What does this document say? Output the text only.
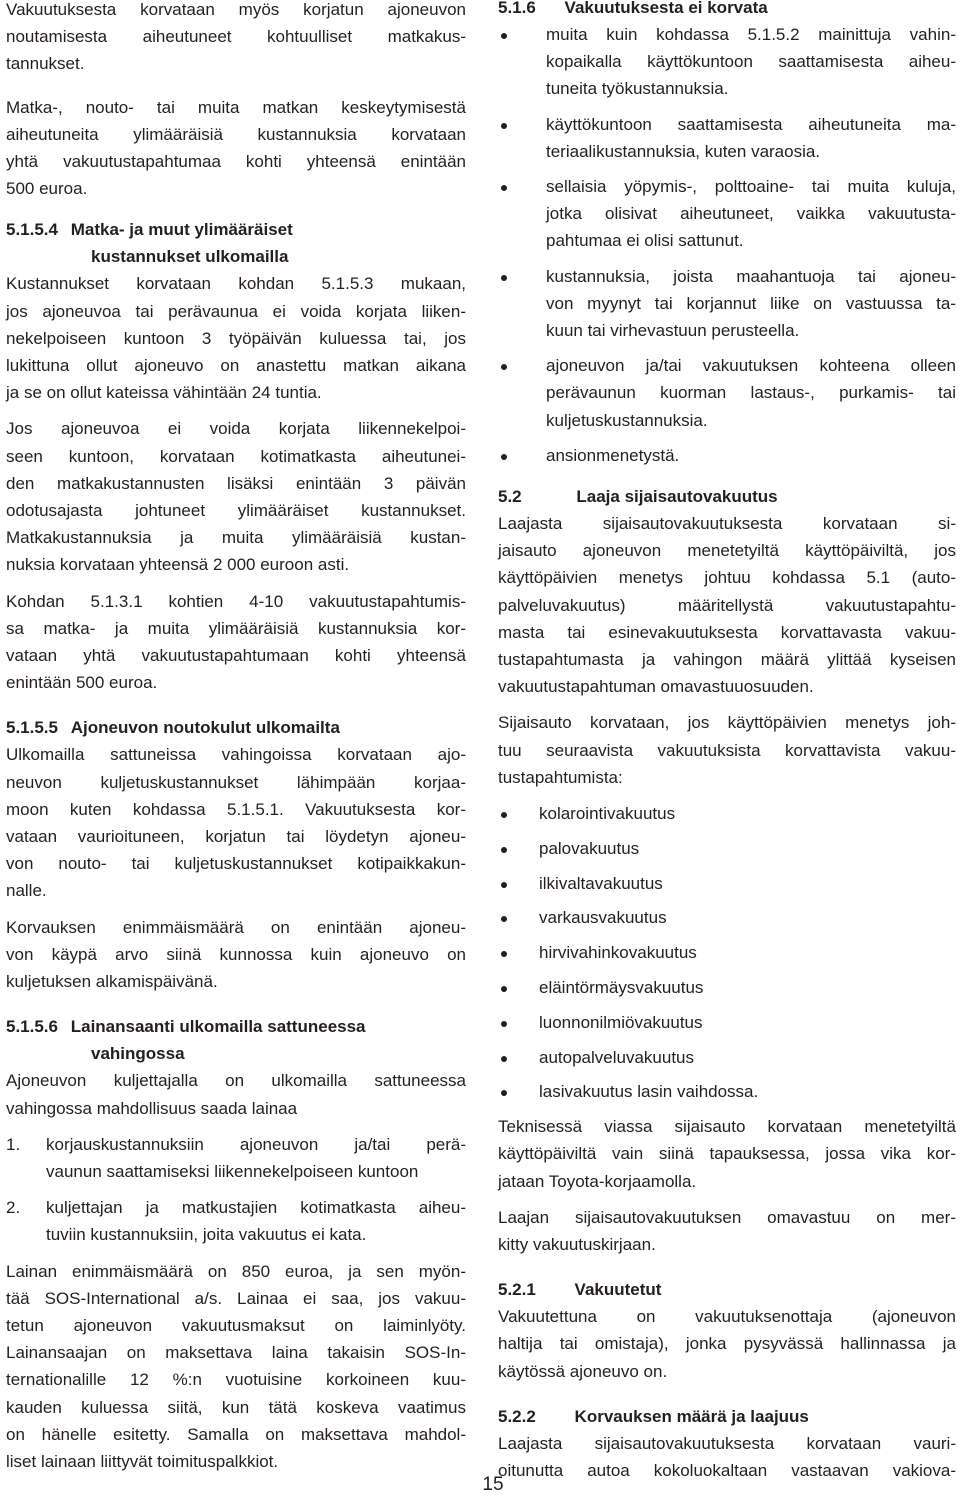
Vakuutuksesta korvataan myös korjatun ajoneuvon
noutamisesta aiheutuneet kohtuulliset matkakus-
tannukset.
Matka-, nouto- tai muita matkan keskeytymisestä
aiheutuneita ylimääräisiä kustannuksia korvataan
yhtä vakuutustapahtumaa kohti yhteensä enintään
500 euroa.
5.1.5.4 Matka- ja muut ylimääräiset
kustannukset ulkomailla
Kustannukset korvataan kohdan 5.1.5.3 mukaan,
jos ajoneuvoa tai perävaunua ei voida korjata liiken-
nekelpoiseen kuntoon 3 työpäivän kuluessa tai, jos
lukittuna ollut ajoneuvo on anastettu matkan aikana
ja se on ollut kateissa vähintään 24 tuntia.
Jos ajoneuvoa ei voida korjata liikennekelpoi-
seen kuntoon, korvataan kotimatkasta aiheutunei-
den matkakustannusten lisäksi enintään 3 päivän
odotusajasta johtuneet ylimääräiset kustannukset.
Matkakustannuksia ja muita ylimääräisiä kustan-
nuksia korvataan yhteensä 2 000 euroon asti.
Kohdan 5.1.3.1 kohtien 4-10 vakuutustapahtumis-
sa matka- ja muita ylimääräisiä kustannuksia kor-
vataan yhtä vakuutustapahtumaan kohti yhteensä
enintään 500 euroa.
5.1.5.5 Ajoneuvon noutokulut ulkomailta
Ulkomailla sattuneissa vahingoissa korvataan ajo-
neuvon kuljetuskustannukset lähimpään korjaa-
moon kuten kohdassa 5.1.5.1. Vakuutuksesta kor-
vataan vaurioituneen, korjatun tai löydetyn ajoneu-
von nouto- tai kuljetuskustannukset kotipaikkakun-
nalle.
Korvauksen enimmäismäärä on enintään ajoneu-
von käypä arvo siinä kunnossa kuin ajoneuvo on
kuljetuksen alkamispäivänä.
5.1.5.6 Lainansaanti ulkomailla sattuneessa
vahingossa
Ajoneuvon kuljettajalla on ulkomailla sattuneessa
vahingossa mahdollisuus saada lainaa
1. korjauskustannuksiin ajoneuvon ja/tai perä-
vaunun saattamiseksi liikennekelpoiseen kuntoon
2. kuljettajan ja matkustajien kotimatkasta aiheu-
tuviin kustannuksiin, joita vakuutus ei kata.
Lainan enimmäismäärä on 850 euroa, ja sen myön-
tää SOS-International a/s. Lainaa ei saa, jos vakuu-
tetun ajoneuvon vakuutusmaksut on laiminlyöty.
Lainansaajan on maksettava laina takaisin SOS-In-
ternationalille 12 %:n vuotuisine korkoineen kuu-
kauden kuluessa siitä, kun tätä koskeva vaatimus
on hänelle esitetty. Samalla on maksettava mahdol-
liset lainaan liittyvät toimituspalkkiot.
5.1.6 Vakuutuksesta ei korvata
muita kuin kohdassa 5.1.5.2 mainittuja vahin-
kopaikalla käyttökuntoon saattamisesta aiheu-
tuneita työkustannuksia.
käyttökuntoon saattamisesta aiheutuneita ma-
teriaalikustannuksia, kuten varaosia.
sellaisia yöpymis-, polttoaine- tai muita kuluja,
jotka olisivat aiheutuneet, vaikka vakuutusta-
pahtumaa ei olisi sattunut.
kustannuksia, joista maahantuoja tai ajoneu-
von myynyt tai korjannut liike on vastuussa ta-
kuun tai virhevastuun perusteella.
ajoneuvon ja/tai vakuutuksen kohteena olleen
perävaunun kuorman lastaus-, purkamis- tai
kuljetuskustannuksia.
ansionmenetystä.
5.2	Laaja sijaisautovakuutus
Laajasta sijaisautovakuutuksesta korvataan si-
jaisauto ajoneuvon menetetyiltä käyttöpäiviltä, jos
käyttöpäivien menetys johtuu kohdassa 5.1 (auto-
palveluvakuutus) määritellystä vakuutustapahtu-
masta tai esinevakuutuksesta korvattavasta vakuu-
tustapahtumasta ja vahingon määrä ylittää kyseisen
vakuutustapahtuman omavastuuosuuden.
Sijaisauto korvataan, jos käyttöpäivien menetys joh-
tuu seuraavista vakuutuksista korvattavista vakuu-
tustapahtumista:
kolarointivakuutus
palovakuutus
ilkivaltavakuutus
varkausvakuutus
hirvivahinkovakuutus
eläintörmäysvakuutus
luonnonilmiövakuutus
autopalveluvakuutus
lasivakuutus lasin vaihdossa.
Teknisessä viassa sijaisauto korvataan menetetyiltä
käyttöpäiviltä vain siinä tapauksessa, jossa vika kor-
jataan Toyota-korjaamolla.
Laajan sijaisautovakuutuksen omavastuu on mer-
kitty vakuutuskirjaan.
5.2.1 Vakuutetut
Vakuutettuna on vakuutuksenottaja (ajoneuvon
haltija tai omistaja), jonka pysyvässä hallinnassa ja
käytössä ajoneuvo on.
5.2.2 Korvauksen määrä ja laajuus
Laajasta sijaisautovakuutuksesta korvataan vauri-
oitunutta autoa kokoluokaltaan vastaavan vakiova-
15
